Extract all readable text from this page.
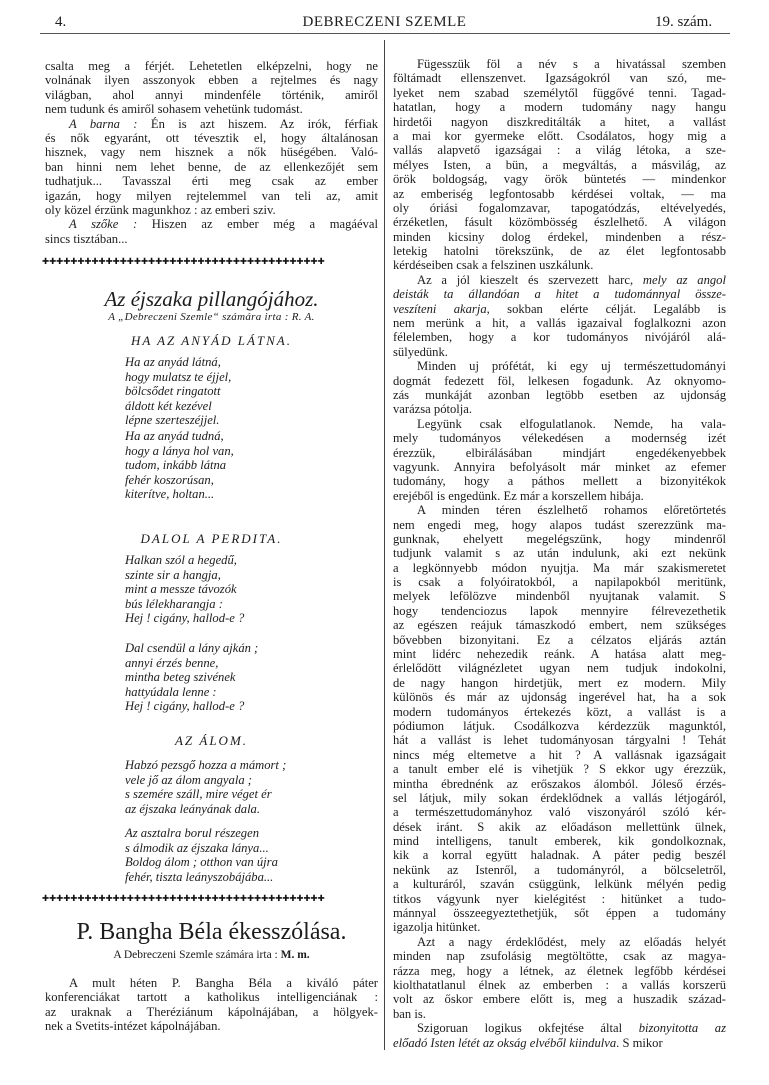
4.	DEBRECZENI SZEMLE	19. szám.
csalta meg a férjét. Lehetetlen elképzelni, hogy ne
volnának ilyen asszonyok ebben a rejtelmes és nagy
világban, ahol annyi mindenféle történik, amiről
nem tudunk és amiről sohasem vehetünk tudomást.
A barna : Én is azt hiszem. Az irók, férfiak
és nők egyaránt, ott tévesztik el, hogy általánosan
hisznek, vagy nem hisznek a nők hüségében. Való-
ban hinni nem lehet benne, de az ellenkezőjét sem
tudhatjuk... Tavasszal érti meg csak az ember
igazán, hogy milyen rejtelemmel van teli az, amit
oly közel érzünk magunkhoz : az emberi sziv.
A szőke : Hiszen az ember még a magáéval
sincs tisztában...
✚✚✚✚✚✚✚✚✚✚✚✚✚✚✚✚✚✚✚✚✚✚✚✚✚✚✚✚✚✚✚✚✚✚✚✚✚✚✚✚
Az éjszaka pillangójához.
A „Debreczeni Szemle“ számára irta : R. A.
HA AZ ANYÁD LÁTNA.
Ha az anyád látná,
hogy mulatsz te éjjel,
bölcsődet ringatott
áldott két kezével
lépne szerteszéjjel.
Ha az anyád tudná,
hogy a lánya hol van,
tudom, inkább látna
fehér koszorúsan,
kiterítve, holtan...
DALOL A PERDITA.
Halkan szól a hegedű,
szinte sir a hangja,
mint a messze távozók
bús lélekharangja :
Hej ! cigány, hallod-e ?
Dal csendül a lány ajkán ;
annyi érzés benne,
mintha beteg szivének
hattyúdala lenne :
Hej ! cigány, hallod-e ?
AZ ÁLOM.
Habzó pezsgő hozza a mámort ;
vele jő az álom angyala ;
s szemére száll, mire véget ér
az éjszaka leányának dala.
Az asztalra borul részegen
s álmodik az éjszaka lánya...
Boldog álom ; otthon van újra
fehér, tiszta leányszobájába...
✚✚✚✚✚✚✚✚✚✚✚✚✚✚✚✚✚✚✚✚✚✚✚✚✚✚✚✚✚✚✚✚✚✚✚✚✚✚✚✚
P. Bangha Béla ékesszólása.
A Debreczeni Szemle számára irta : M. m.
A mult héten P. Bangha Béla a kiváló páter
konferenciákat tartott a katholikus intelligenciának :
az uraknak a Theréziánum kápolnájában, a hölgyek-
nek a Svetits-intézet kápolnájában.
Fügesszük föl a név s a hivatással szemben
föltámadt ellenszenvet. Igazságokról van szó, me-
lyeket nem szabad személytől függővé tenni. Tagad-
hatatlan, hogy a modern tudomány nagy hangu
hirdetői nagyon diszkreditálták a hitet, a vallást
a mai kor gyermeke előtt. Csodálatos, hogy mig a
vallás alapvető igazságai : a világ létoka, a sze-
mélyes Isten, a bün, a megváltás, a másvilág, az
örök boldogság, vagy örök büntetés — mindenkor
az emberiség legfontosabb kérdései voltak, — ma
oly óriási fogalomzavar, tapogatódzás, eltévelyedés,
érzéketlen, fásult közömbösség észlelhető. A világon
minden kicsiny dolog érdekel, mindenben a rész-
letekig hatolni törekszünk, de az élet legfontosabb
kérdéseiben csak a felszinen uszkálunk.
Az a jól kieszelt és szervezett harc, mely az angol
deisták ta állandóan a hitet a tudománnyal össze-
veszíteni akarja, sokban elérte célját. Legalább is
nem merünk a hit, a vallás igazaival foglalkozni azon
félelemben, hogy a kor tudományos nivójáról alá-
sülyedünk.
Minden uj prófétát, ki egy uj természettudományi
dogmát fedezett föl, lelkesen fogadunk. Az oknyomo-
zás munkáját azonban legtöbb esetben az ujdonság
varázsa pótolja.
Legyünk csak elfogulatlanok. Nemde, ha vala-
mely tudományos vélekedésen a modernség izét
érezzük, elbirálásában mindjárt engedékenyebbek
vagyunk. Annyira befolyásolt már minket az efemer
tudomány, hogy a páthos mellett a bizonyitékok
erejéből is engedünk. Ez már a korszellem hibája.
A minden téren észlelhető rohamos előretörtetés
nem engedi meg, hogy alapos tudást szerezzünk ma-
gunknak, ehelyett megelégszünk, hogy mindenről
tudjunk valamit s az után indulunk, aki ezt nekünk
a legkönnyebb módon nyujtja. Ma már szakismeretet
is csak a folyóiratokból, a napilapokból meritünk,
melyek lefölözve mindenből nyujtanak valamit. S
hogy tendenciozus lapok mennyire félrevezethetik
az egészen reájuk támaszkodó embert, nem szükséges
bővebben bizonyitani. Ez a célzatos eljárás aztán
mint lidérc nehezedik reánk. A hatása alatt meg-
érlelődött világnézletet ugyan nem tudjuk indokolni,
de nagy hangon hirdetjük, mert ez modern. Mily
különös és már az ujdonság ingerével hat, ha a sok
modern tudományos értekezés közt, a vallást is a
pódiumon látjuk. Csodálkozva kérdezzük magunktól,
hát a vallást is lehet tudományosan tárgyalni ! Tehát
nincs még eltemetve a hit ? A vallásnak igazságait
a tanult ember elé is vihetjük ? S ekkor ugy érezzük,
mintha ébrednénk az erőszakos álomból. Jóleső érzés-
sel látjuk, mily sokan érdeklődnek a vallás létjogáról,
a természettudományhoz való viszonyáról szóló kér-
dések iránt. S akik az előadáson mellettünk ülnek,
mind intelligens, tanult emberek, kik gondolkoznak,
kik a korral együtt haladnak. A páter pedig beszél
nekünk az Istenről, a tudományról, a bölcseletről,
a kulturáról, szaván csüggünk, lelkünk mélyén pedig
titkos vágyunk nyer kielégitést : hitünket a tudo-
mánnyal összeegyeztethetjük, sőt éppen a tudomány
igazolja hitünket.
Azt a nagy érdeklődést, mely az előadás helyét
minden nap zsufolásig megtöltötte, csak az magya-
rázza meg, hogy a létnek, az életnek legfőbb kérdései
kiolthatatlanul élnek az emberben : a vallás korszerü
volt az őskor embere előtt is, meg a huszadik század-
ban is.
Szigoruan logikus okfejtése által bizonyitotta az
előadó Isten létét az okság elvéből kiindulva. S mikor
